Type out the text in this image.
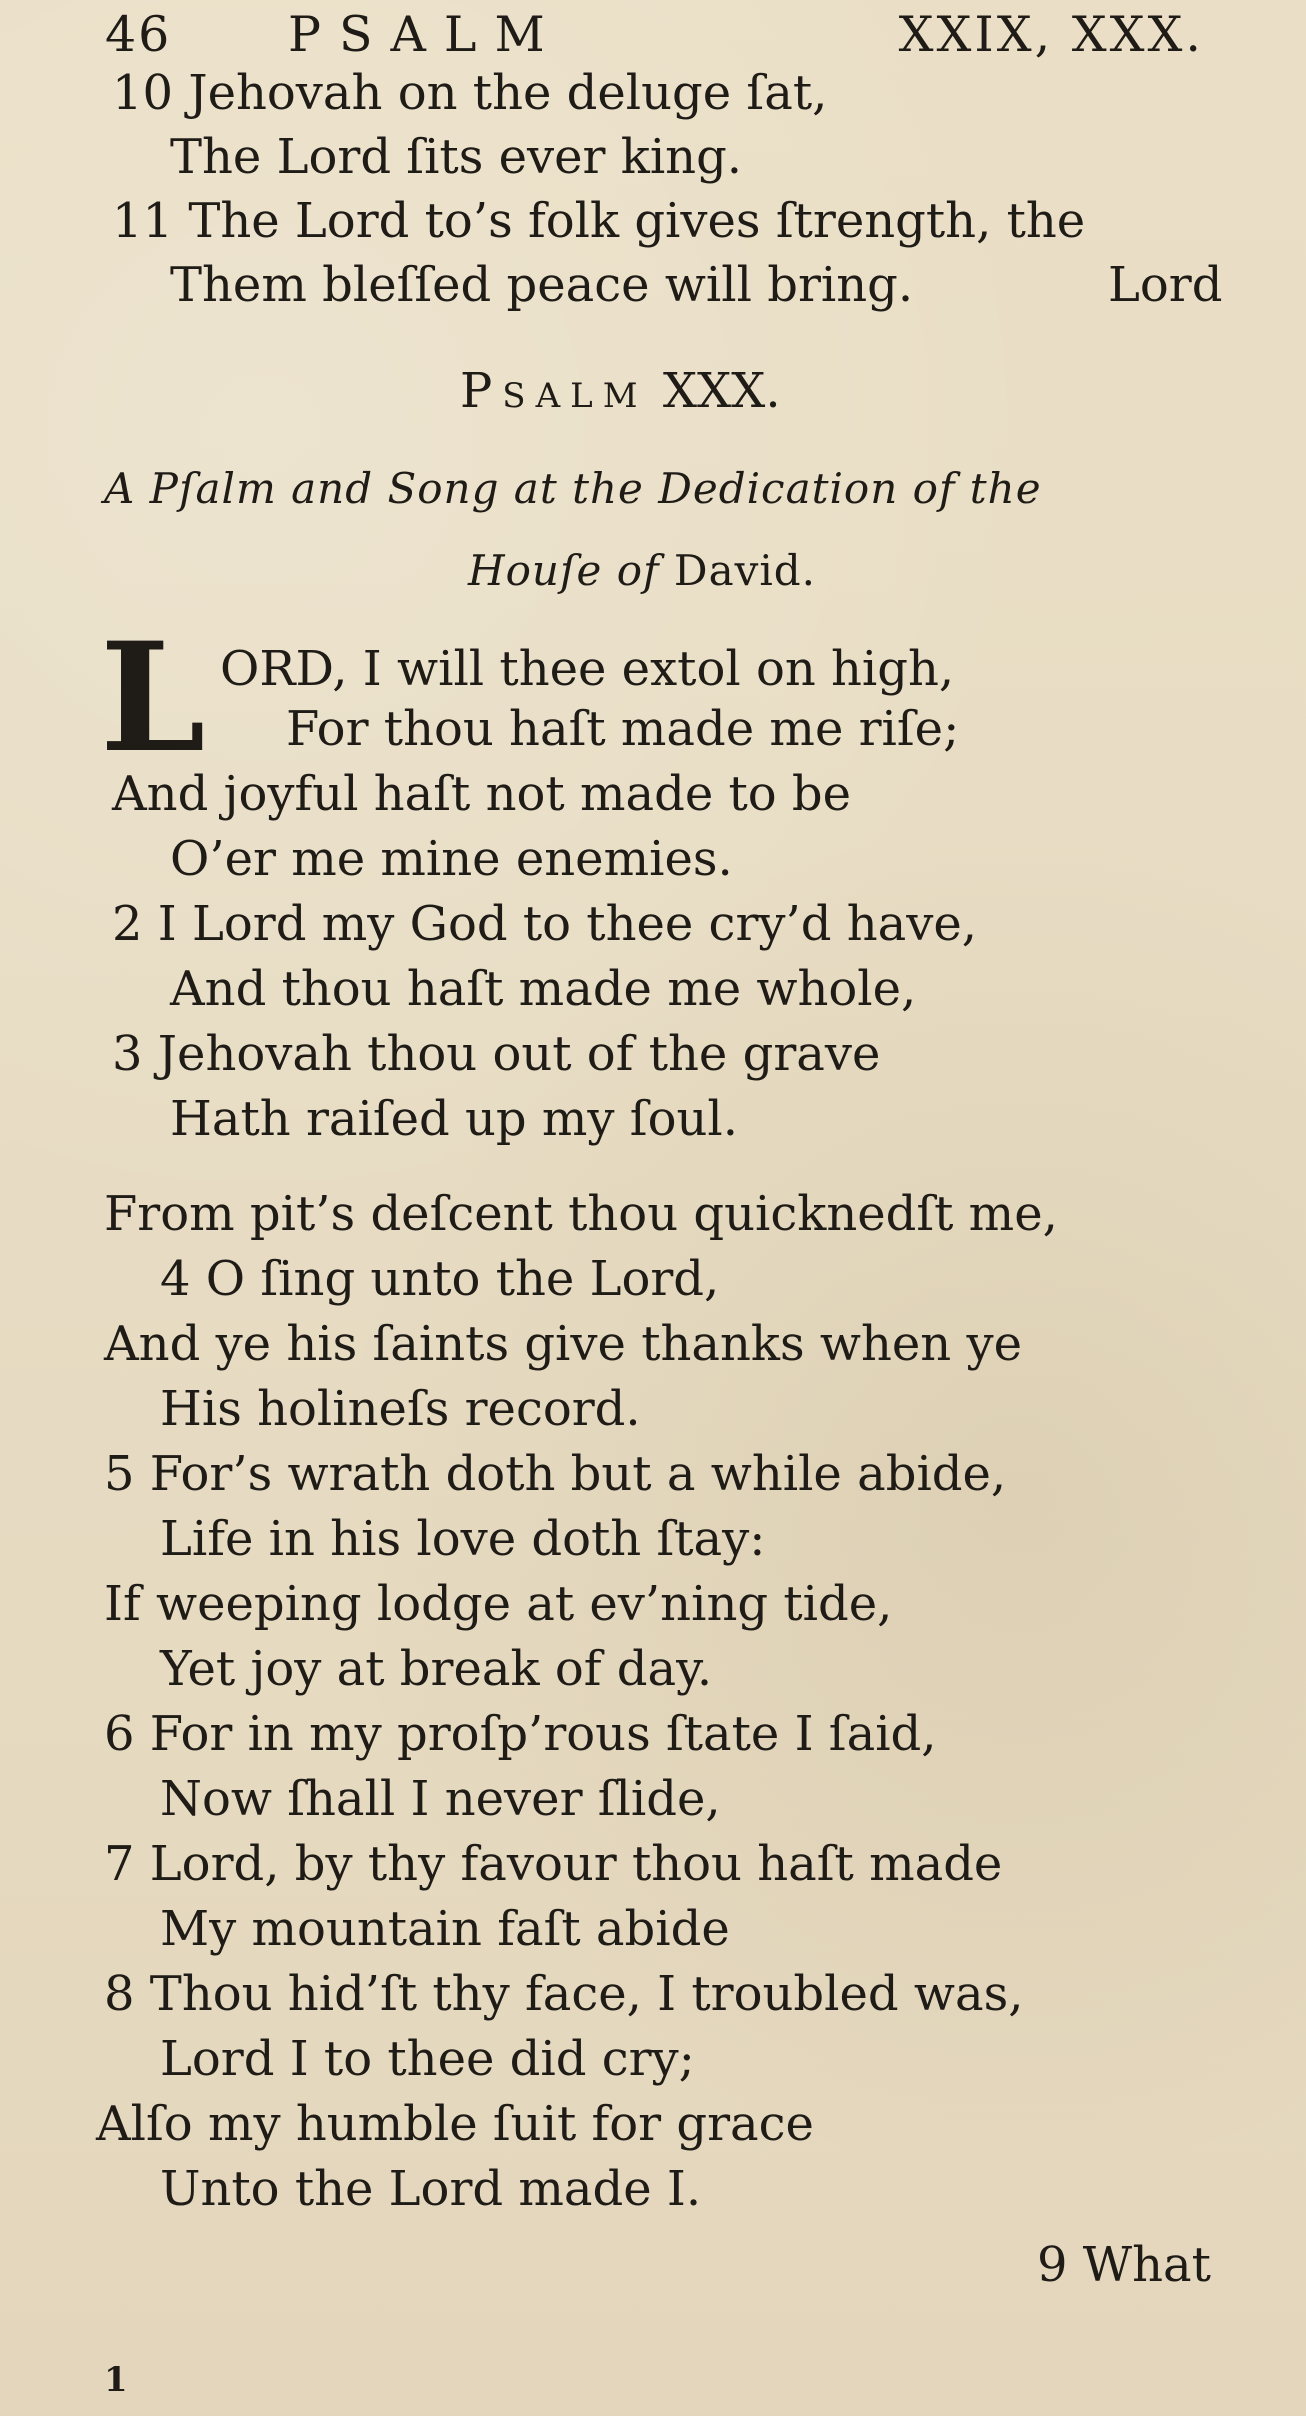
46 PSALM	XXIX, XXX.
10 Jehovah on the deluge ſat,
The Lord ſits ever king.
11 The Lord to’s folk gives ſtrength, the
Them bleſſed peace will bring.	Lord
Psalm XXX.
A Pſalm and Song at the Dedication of the
Houſe of David.
L ORD, I will thee extol on high,
For thou haſt made me riſe;
And joyful haſt not made to be
O’er me mine enemies.
2 I Lord my God to thee cry’d have,
And thou haſt made me whole,
3 Jehovah thou out of the grave
Hath raiſed up my ſoul.
From pit’s deſcent thou quicknedſt me,
4 O ſing unto the Lord,
And ye his ſaints give thanks when ye
His holineſs record.
5 For’s wrath doth but a while abide,
Life in his love doth ſtay:
If weeping lodge at ev’ning tide,
Yet joy at break of day.
6 For in my proſp’rous ſtate I ſaid,
Now ſhall I never ſlide,
7 Lord, by thy favour thou haſt made
My mountain faſt abide
8 Thou hid’ſt thy face, I troubled was,
Lord I to thee did cry;
Alſo my humble ſuit for grace
Unto the Lord made I.
9 What
1
